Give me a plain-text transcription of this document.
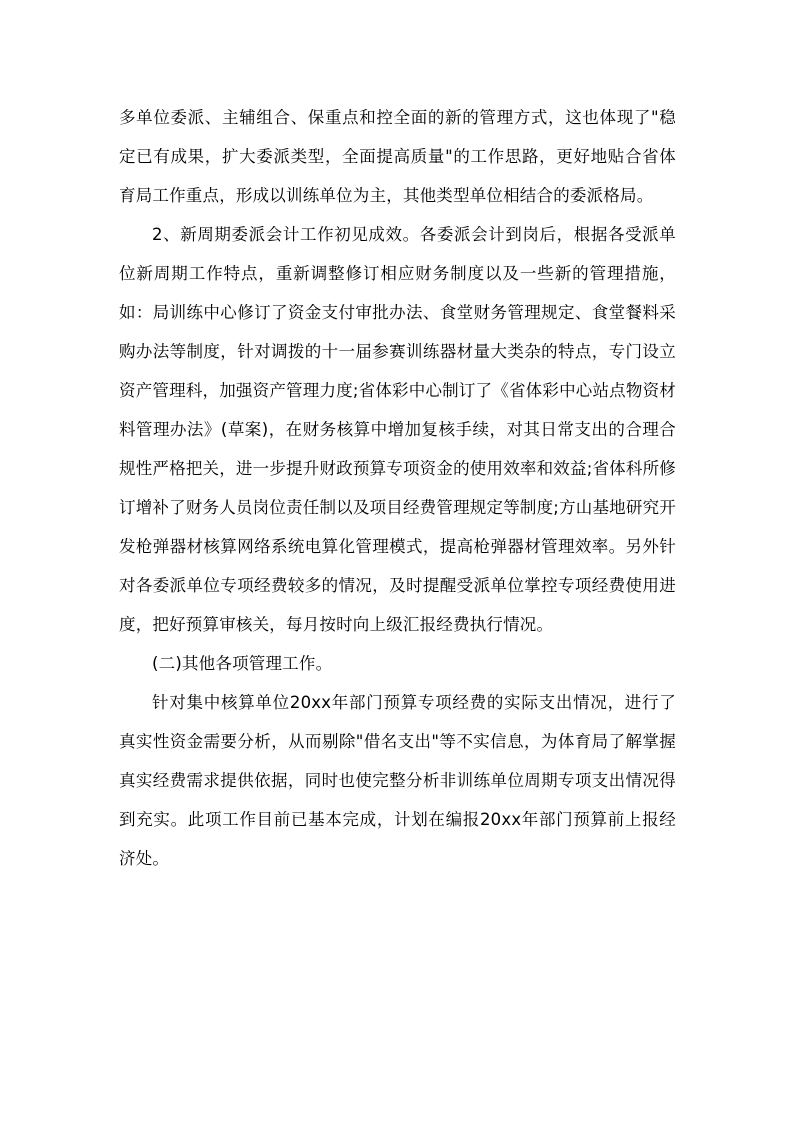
多单位委派、主辅组合、保重点和控全面的新的管理方式，这也体现了"稳定已有成果，扩大委派类型，全面提高质量"的工作思路，更好地贴合省体育局工作重点，形成以训练单位为主，其他类型单位相结合的委派格局。

2、新周期委派会计工作初见成效。各委派会计到岗后，根据各受派单位新周期工作特点，重新调整修订相应财务制度以及一些新的管理措施，如：局训练中心修订了资金支付审批办法、食堂财务管理规定、食堂餐料采购办法等制度，针对调拨的十一届参赛训练器材量大类杂的特点，专门设立资产管理科，加强资产管理力度;省体彩中心制订了《省体彩中心站点物资材料管理办法》(草案)，在财务核算中增加复核手续，对其日常支出的合理合规性严格把关，进一步提升财政预算专项资金的使用效率和效益;省体科所修订增补了财务人员岗位责任制以及项目经费管理规定等制度;方山基地研究开发枪弹器材核算网络系统电算化管理模式，提高枪弹器材管理效率。另外针对各委派单位专项经费较多的情况，及时提醒受派单位掌控专项经费使用进度，把好预算审核关，每月按时向上级汇报经费执行情况。

(二)其他各项管理工作。

针对集中核算单位20xx年部门预算专项经费的实际支出情况，进行了真实性资金需要分析，从而剔除"借名支出"等不实信息，为体育局了解掌握真实经费需求提供依据，同时也使完整分析非训练单位周期专项支出情况得到充实。此项工作目前已基本完成，计划在编报20xx年部门预算前上报经济处。
